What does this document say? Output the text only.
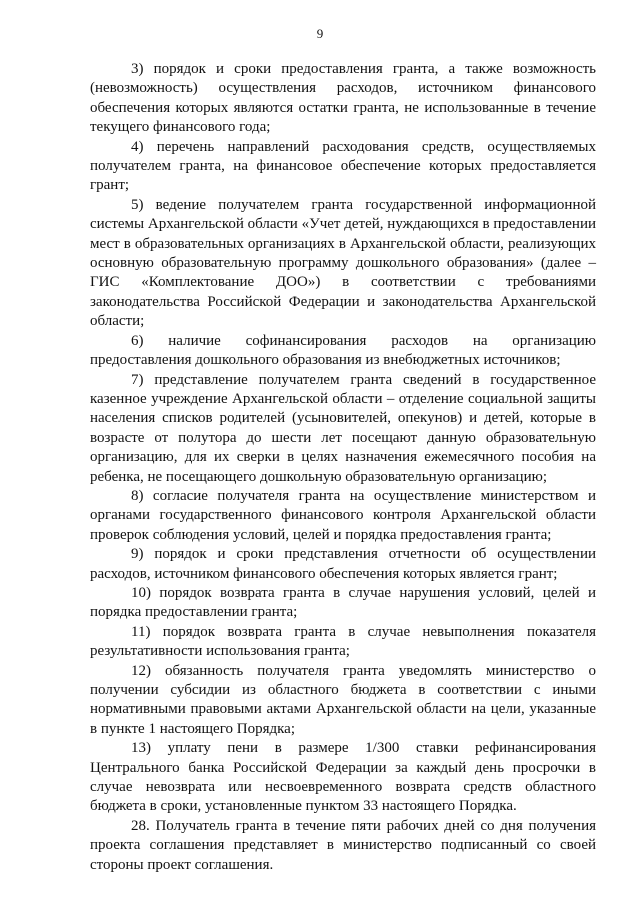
9

3) порядок и сроки предоставления гранта, а также возможность (невозможность) осуществления расходов, источником финансового обеспечения которых являются остатки гранта, не использованные в течение текущего финансового года;

4) перечень направлений расходования средств, осуществляемых получателем гранта, на финансовое обеспечение которых предоставляется грант;

5) ведение получателем гранта государственной информационной системы Архангельской области «Учет детей, нуждающихся в предоставлении мест в образовательных организациях в Архангельской области, реализующих основную образовательную программу дошкольного образования» (далее – ГИС «Комплектование ДОО») в соответствии с требованиями законодательства Российской Федерации и законодательства Архангельской области;

6) наличие софинансирования расходов на организацию предоставления дошкольного образования из внебюджетных источников;

7) представление получателем гранта сведений в государственное казенное учреждение Архангельской области – отделение социальной защиты населения списков родителей (усыновителей, опекунов) и детей, которые в возрасте от полутора до шести лет посещают данную образовательную организацию, для их сверки в целях назначения ежемесячного пособия на ребенка, не посещающего дошкольную образовательную организацию;

8) согласие получателя гранта на осуществление министерством и органами государственного финансового контроля Архангельской области проверок соблюдения условий, целей и порядка предоставления гранта;

9) порядок и сроки представления отчетности об осуществлении расходов, источником финансового обеспечения которых является грант;

10) порядок возврата гранта в случае нарушения условий, целей и порядка предоставлении гранта;

11) порядок возврата гранта в случае невыполнения показателя результативности использования гранта;

12) обязанность получателя гранта уведомлять министерство о получении субсидии из областного бюджета в соответствии с иными нормативными правовыми актами Архангельской области на цели, указанные в пункте 1 настоящего Порядка;

13) уплату пени в размере 1/300 ставки рефинансирования Центрального банка Российской Федерации за каждый день просрочки в случае невозврата или несвоевременного возврата средств областного бюджета в сроки, установленные пунктом 33 настоящего Порядка.

28. Получатель гранта в течение пяти рабочих дней со дня получения проекта соглашения представляет в министерство подписанный со своей стороны проект соглашения.
